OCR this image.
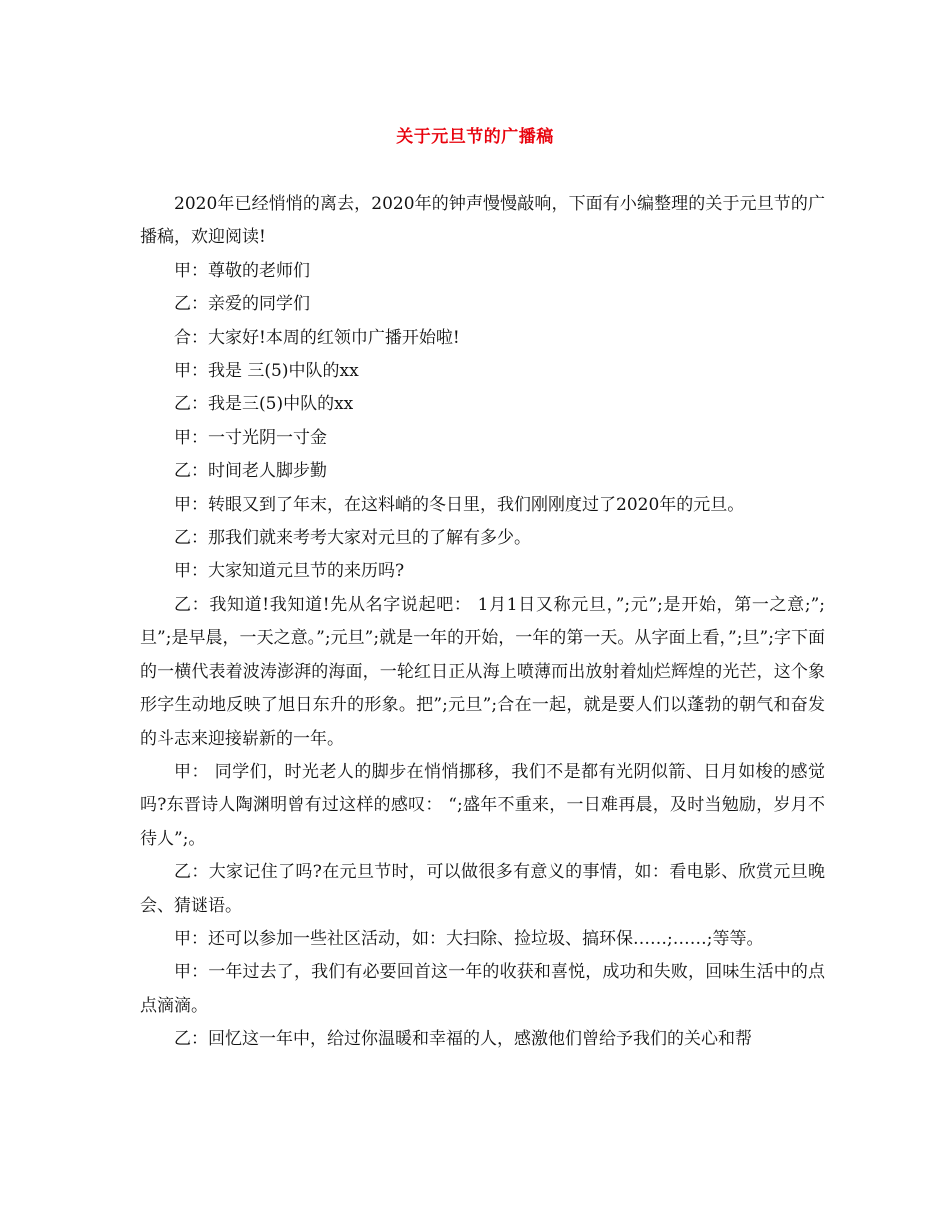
关于元旦节的广播稿

2020年已经悄悄的离去，2020年的钟声慢慢敲响，下面有小编整理的关于元旦节的广播稿，欢迎阅读!

甲：尊敬的老师们

乙：亲爱的同学们

合：大家好!本周的红领巾广播开始啦!

甲：我是 三(5)中队的xx

乙：我是三(5)中队的xx

甲：一寸光阴一寸金

乙：时间老人脚步勤

甲：转眼又到了年末，在这料峭的冬日里，我们刚刚度过了2020年的元旦。

乙：那我们就来考考大家对元旦的了解有多少。

甲：大家知道元旦节的来历吗?

乙：我知道!我知道!先从名字说起吧： 1月1日又称元旦，”;元”;是开始，第一之意;”;旦”;是早晨，一天之意。”;元旦”;就是一年的开始，一年的第一天。从字面上看，”;旦”;字下面的一横代表着波涛澎湃的海面，一轮红日正从海上喷薄而出放射着灿烂辉煌的光芒，这个象形字生动地反映了旭日东升的形象。把”;元旦”;合在一起，就是要人们以蓬勃的朝气和奋发的斗志来迎接崭新的一年。

甲： 同学们，时光老人的脚步在悄悄挪移，我们不是都有光阴似箭、日月如梭的感觉吗?东晋诗人陶渊明曾有过这样的感叹： “;盛年不重来，一日难再晨，及时当勉励，岁月不待人”;。

乙：大家记住了吗?在元旦节时，可以做很多有意义的事情，如：看电影、欣赏元旦晚会、猜谜语。

甲：还可以参加一些社区活动，如：大扫除、捡垃圾、搞环保……;……;等等。

甲：一年过去了，我们有必要回首这一年的收获和喜悦，成功和失败，回味生活中的点点滴滴。

乙：回忆这一年中，给过你温暖和幸福的人，感激他们曾给予我们的关心和帮
